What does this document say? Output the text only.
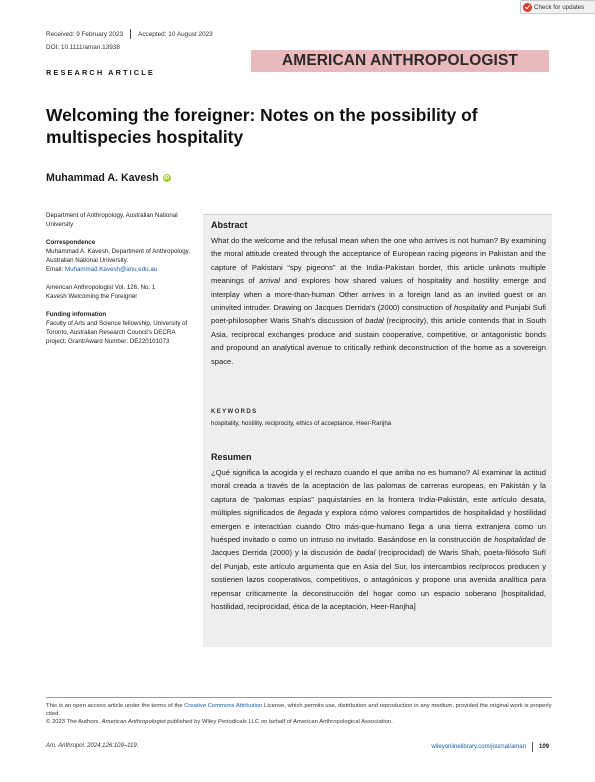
Check for updates
Received: 9 February 2023 Accepted: 10 August 2023
DOI: 10.1111/aman.13938
RESEARCH ARTICLE
AMERICAN ANTHROPOLOGIST
Welcoming the foreigner: Notes on the possibility of multispecies hospitality
Muhammad A. Kavesh	iD
Department of Anthropology, Australian National University
Correspondence
Muhammad A. Kavesh, Department of Anthropology, Australian National University.
Email: Muhammad.Kavesh@anu.edu.au
American Anthropologist Vol. 126, No. 1
Kavesh Welcoming the Foreigner
Funding information
Faculty of Arts and Science fellowship, University of Toronto, Australian Research Council's DECRA project, Grant/Award Number: DE220101073
Abstract
What do the welcome and the refusal mean when the one who arrives is not human? By examining the moral attitude created through the acceptance of European racing pigeons in Pakistan and the capture of Pakistani “spy pigeons” at the India-Pakistan border, this article unknots multiple meanings of arrival and explores how shared values of hospitality and hostility emerge and interplay when a more-than-human Other arrives in a foreign land as an invited guest or an uninvited intruder. Drawing on Jacques Derrida's (2000) construction of hospitality and Punjabi Sufi poet-philosopher Waris Shah's discussion of badal (reciprocity), this article contends that in South Asia, reciprocal exchanges produce and sustain cooperative, competitive, or antagonistic bonds and propound an analytical avenue to critically rethink deconstruction of the home as a sovereign space.
KEYWORDS
hospitality, hostility, reciprocity, ethics of acceptance, Heer-Ranjha
Resumen
¿Qué significa la acogida y el rechazo cuando el que arriba no es humano? Al examinar la actitud moral creada a través de la aceptación de las palomas de carreras europeas, en Pakistán y la captura de “palomas espías” paquistaníes en la frontera India-Pakistán, este artículo desata, múltiples significados de llegada y explora cómo valores compartidos de hospitalidad y hostilidad emergen e interactúan cuando Otro más-que-humano llega a una tierra extranjera como un huésped invitado o como un intruso no invitado. Basándose en la construcción de hospitalidad de Jacques Derrida (2000) y la discusión de badal (reciprocidad) de Waris Shah, poeta-filósofo Sufí del Punjab, este artículo argumenta que en Asia del Sur, los intercambios recíprocos producen y sostienen lazos cooperativos, competitivos, o antagónicos y propone una avenida analítica para repensar críticamente la deconstrucción del hogar como un espacio soberano [hospitalidad, hostilidad, reciprocidad, ética de la aceptación, Heer-Ranjha]
This is an open access article under the terms of the Creative Commons Attribution License, which permits use, distribution and reproduction in any medium, provided the original work is properly cited.
© 2023 The Authors. American Anthropologist published by Wiley Periodicals LLC on behalf of American Anthropological Association.
Am. Anthropol. 2024;126:109–119.	wileyonlinelibrary.com/journal/aman 109
